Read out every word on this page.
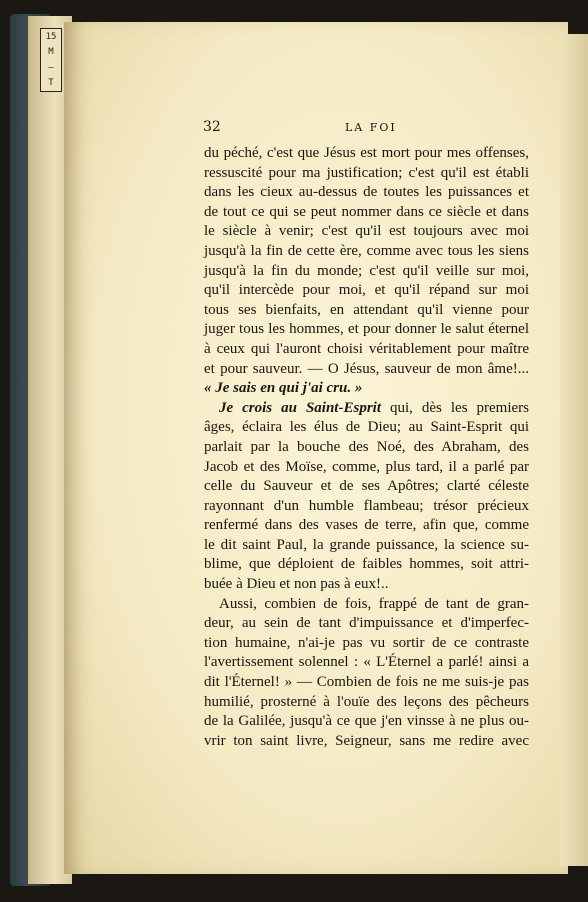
15
M
–
T
32	LA FOI
du péché, c'est que Jésus est mort pour mes offenses,
ressuscité pour ma justification; c'est qu'il est établi
dans les cieux au-dessus de toutes les puissances et
de tout ce qui se peut nommer dans ce siècle et dans
le siècle à venir; c'est qu'il est toujours avec moi
jusqu'à la fin de cette ère, comme avec tous les siens
jusqu'à la fin du monde; c'est qu'il veille sur moi,
qu'il intercède pour moi, et qu'il répand sur moi
tous ses bienfaits, en attendant qu'il vienne pour
juger tous les hommes, et pour donner le salut éternel
à ceux qui l'auront choisi véritablement pour maître
et pour sauveur. — O Jésus, sauveur de mon âme!...
« Je sais en qui j'ai cru. »
Je crois au Saint-Esprit qui, dès les premiers
âges, éclaira les élus de Dieu; au Saint-Esprit qui
parlait par la bouche des Noé, des Abraham, des
Jacob et des Moïse, comme, plus tard, il a parlé par
celle du Sauveur et de ses Apôtres; clarté céleste
rayonnant d'un humble flambeau; trésor précieux
renfermé dans des vases de terre, afin que, comme
le dit saint Paul, la grande puissance, la science su-
blime, que déploient de faibles hommes, soit attri-
buée à Dieu et non pas à eux!..
Aussi, combien de fois, frappé de tant de gran-
deur, au sein de tant d'impuissance et d'imperfec-
tion humaine, n'ai-je pas vu sortir de ce contraste
l'avertissement solennel : « L'Éternel a parlé! ainsi a
dit l'Éternel! » — Combien de fois ne me suis-je pas
humilié, prosterné à l'ouïe des leçons des pêcheurs
de la Galilée, jusqu'à ce que j'en vinsse à ne plus ou-
vrir ton saint livre, Seigneur, sans me redire avec
